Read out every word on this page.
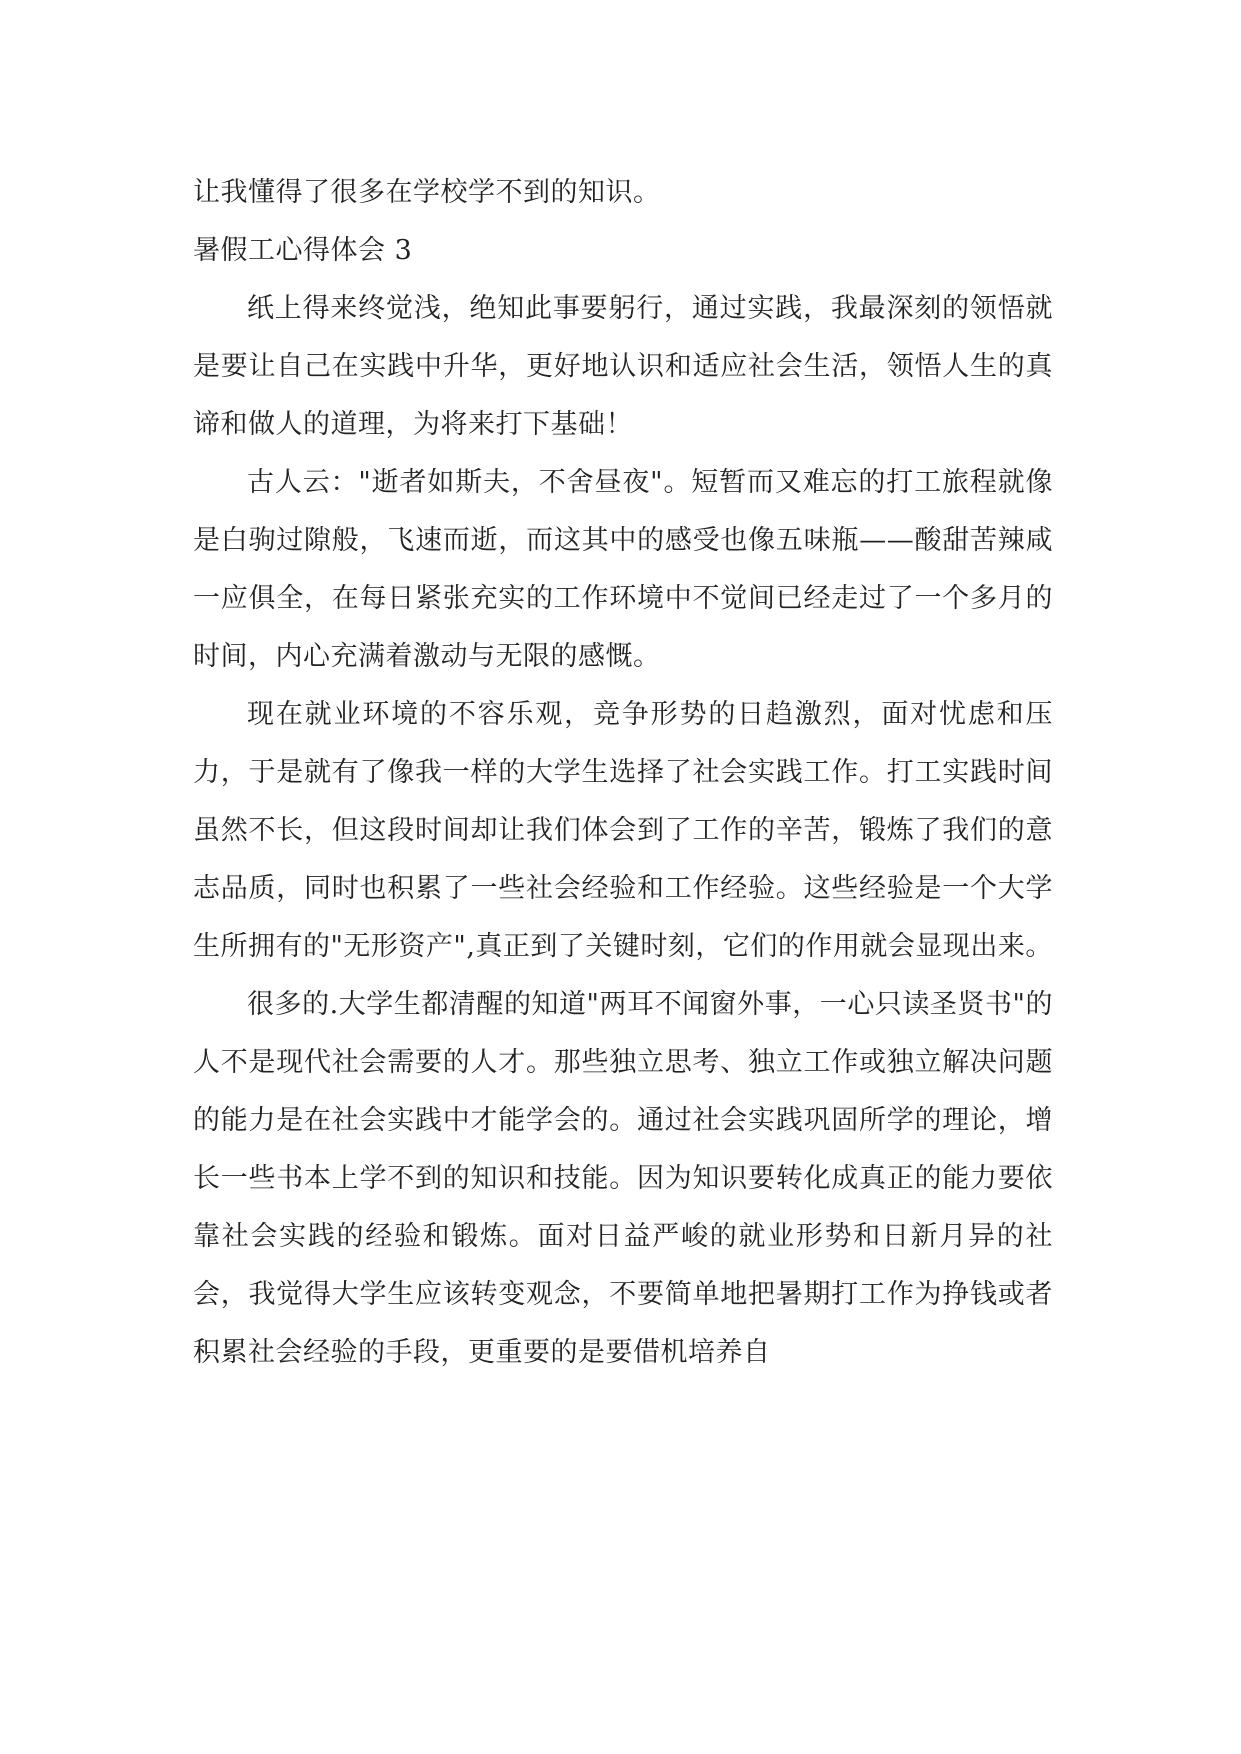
让我懂得了很多在学校学不到的知识。

暑假工心得体会 3

纸上得来终觉浅，绝知此事要躬行，通过实践，我最深刻的领悟就是要让自己在实践中升华，更好地认识和适应社会生活，领悟人生的真谛和做人的道理，为将来打下基础！

古人云："逝者如斯夫，不舍昼夜"。短暂而又难忘的打工旅程就像是白驹过隙般，飞速而逝，而这其中的感受也像五味瓶——酸甜苦辣咸一应俱全，在每日紧张充实的工作环境中不觉间已经走过了一个多月的时间，内心充满着激动与无限的感慨。

现在就业环境的不容乐观，竞争形势的日趋激烈，面对忧虑和压力，于是就有了像我一样的大学生选择了社会实践工作。打工实践时间虽然不长，但这段时间却让我们体会到了工作的辛苦，锻炼了我们的意志品质，同时也积累了一些社会经验和工作经验。这些经验是一个大学生所拥有的"无形资产",真正到了关键时刻，它们的作用就会显现出来。

很多的.大学生都清醒的知道"两耳不闻窗外事，一心只读圣贤书"的人不是现代社会需要的人才。那些独立思考、独立工作或独立解决问题的能力是在社会实践中才能学会的。通过社会实践巩固所学的理论，增长一些书本上学不到的知识和技能。因为知识要转化成真正的能力要依靠社会实践的经验和锻炼。面对日益严峻的就业形势和日新月异的社会，我觉得大学生应该转变观念，不要简单地把暑期打工作为挣钱或者积累社会经验的手段，更重要的是要借机培养自
